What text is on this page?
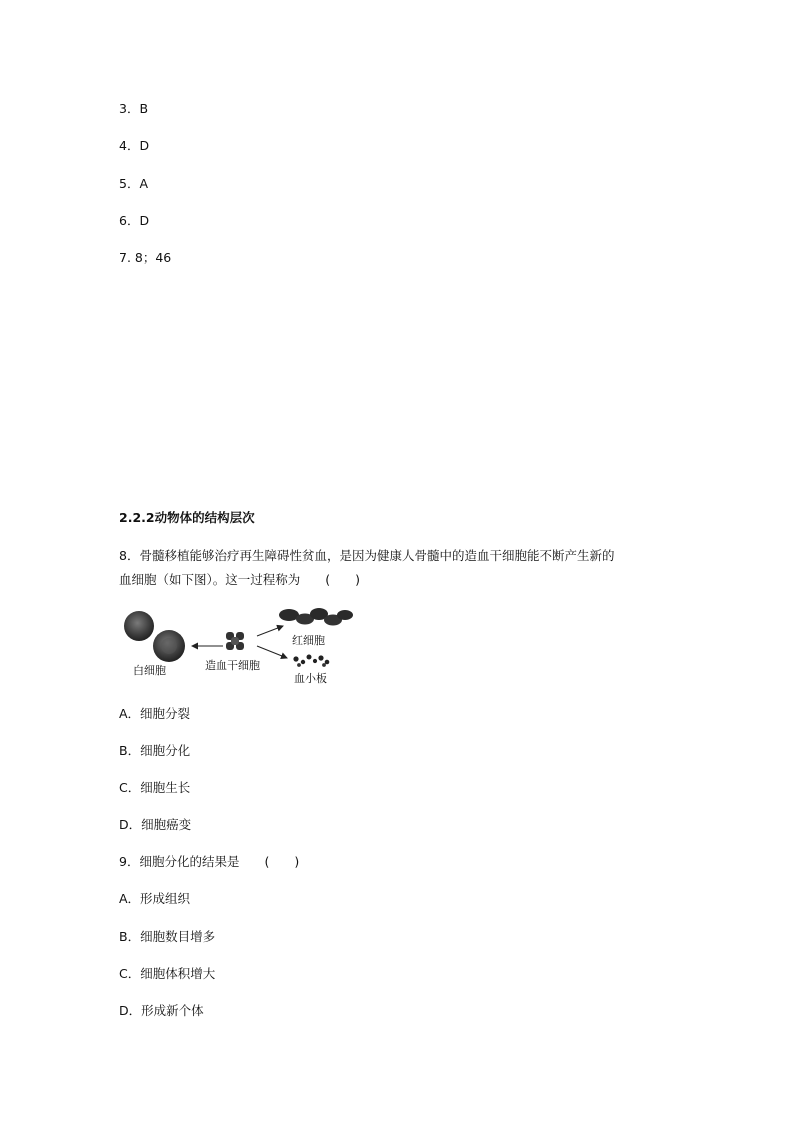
3．B
4．D
5．A
6．D
7. 8；46
2.2.2动物体的结构层次
8．骨髓移植能够治疗再生障碍性贫血，是因为健康人骨髓中的造血干细胞能不断产生新的
血细胞（如下图）。这一过程称为　　(　　)
白细胞	造血干细胞
红细胞
血小板
A．细胞分裂
B．细胞分化
C．细胞生长
D．细胞癌变
9．细胞分化的结果是　　(　　)
A．形成组织
B．细胞数目增多
C．细胞体积增大
D．形成新个体
